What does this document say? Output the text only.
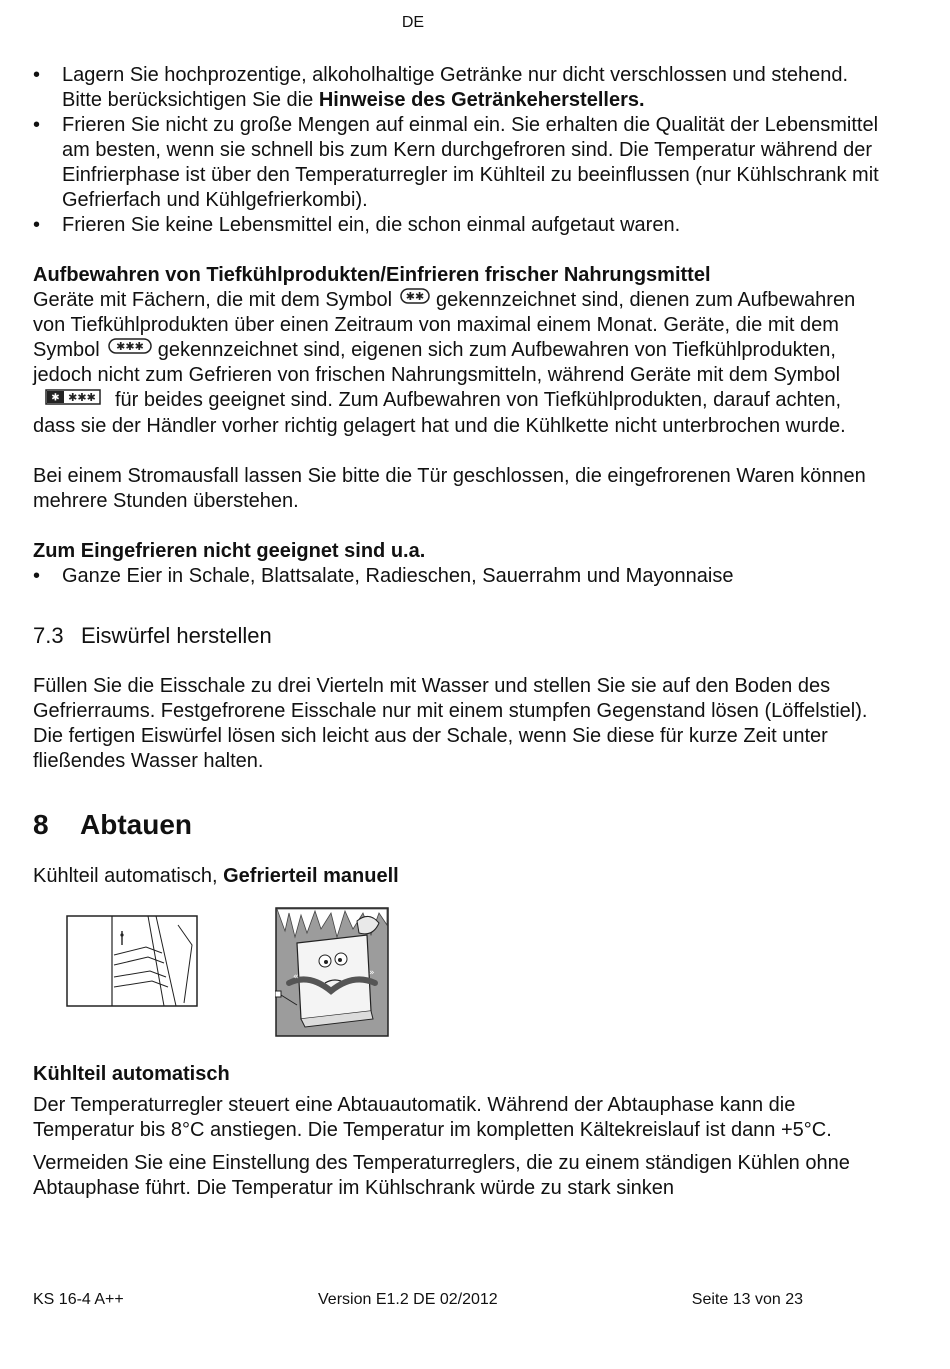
DE
• Lagern Sie hochprozentige, alkoholhaltige Getränke nur dicht verschlossen und stehend. Bitte berücksichtigen Sie die Hinweise des Getränkeherstellers.
• Frieren Sie nicht zu große Mengen auf einmal ein. Sie erhalten die Qualität der Lebensmittel am besten, wenn sie schnell bis zum Kern durchgefroren sind. Die Temperatur während der Einfrierphase ist über den Temperaturregler im Kühlteil zu beeinflussen (nur Kühlschrank mit Gefrierfach und Kühlgefrierkombi).
• Frieren Sie keine Lebensmittel ein, die schon einmal aufgetaut waren.

Aufbewahren von Tiefkühlprodukten/Einfrieren frischer Nahrungsmittel

Geräte mit Fächern, die mit dem Symbol ✱✱ gekennzeichnet sind, dienen zum Aufbewahren von Tiefkühlprodukten über einen Zeitraum von maximal einem Monat. Geräte, die mit dem Symbol ✱✱✱ gekennzeichnet sind, eigenen sich zum Aufbewahren von Tiefkühlprodukten, jedoch nicht zum Gefrieren von frischen Nahrungsmitteln, während Geräte mit dem Symbol
✱ ✱✱✱ für beides geeignet sind. Zum Aufbewahren von Tiefkühlprodukten, darauf achten, dass sie der Händler vorher richtig gelagert hat und die Kühlkette nicht unterbrochen wurde.

Bei einem Stromausfall lassen Sie bitte die Tür geschlossen, die eingefrorenen Waren können mehrere Stunden überstehen.

Zum Eingefrieren nicht geeignet sind u.a.

• Ganze Eier in Schale, Blattsalate, Radieschen, Sauerrahm und Mayonnaise
7.3 Eiswürfel herstellen

Füllen Sie die Eisschale zu drei Vierteln mit Wasser und stellen Sie sie auf den Boden des Gefrierraums. Festgefrorene Eisschale nur mit einem stumpfen Gegenstand lösen (Löffelstiel). Die fertigen Eiswürfel lösen sich leicht aus der Schale, wenn Sie diese für kurze Zeit unter fließendes Wasser halten.

8 Abtauen

Kühlteil automatisch, Gefrierteil manuell

«	»

Kühlteil automatisch

Der Temperaturregler steuert eine Abtauautomatik. Während der Abtauphase kann die Temperatur bis 8°C anstiegen. Die Temperatur im kompletten Kältekreislauf ist dann +5°C.

Vermeiden Sie eine Einstellung des Temperaturreglers, die zu einem ständigen Kühlen ohne Abtauphase führt. Die Temperatur im Kühlschrank würde zu stark sinken

KS 16-4 A++	Version E1.2 DE 02/2012	Seite 13 von 23
